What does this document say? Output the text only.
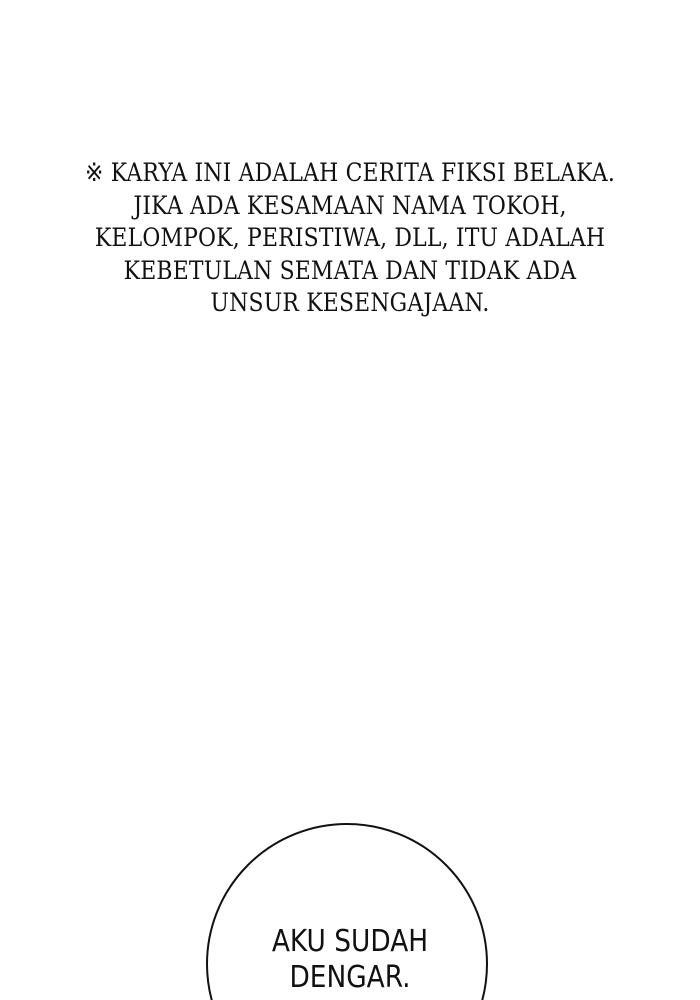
※ KARYA INI ADALAH CERITA FIKSI BELAKA.
JIKA ADA KESAMAAN NAMA TOKOH,
KELOMPOK, PERISTIWA, DLL, ITU ADALAH
KEBETULAN SEMATA DAN TIDAK ADA
UNSUR KESENGAJAAN.
AKU SUDAH
DENGAR.
